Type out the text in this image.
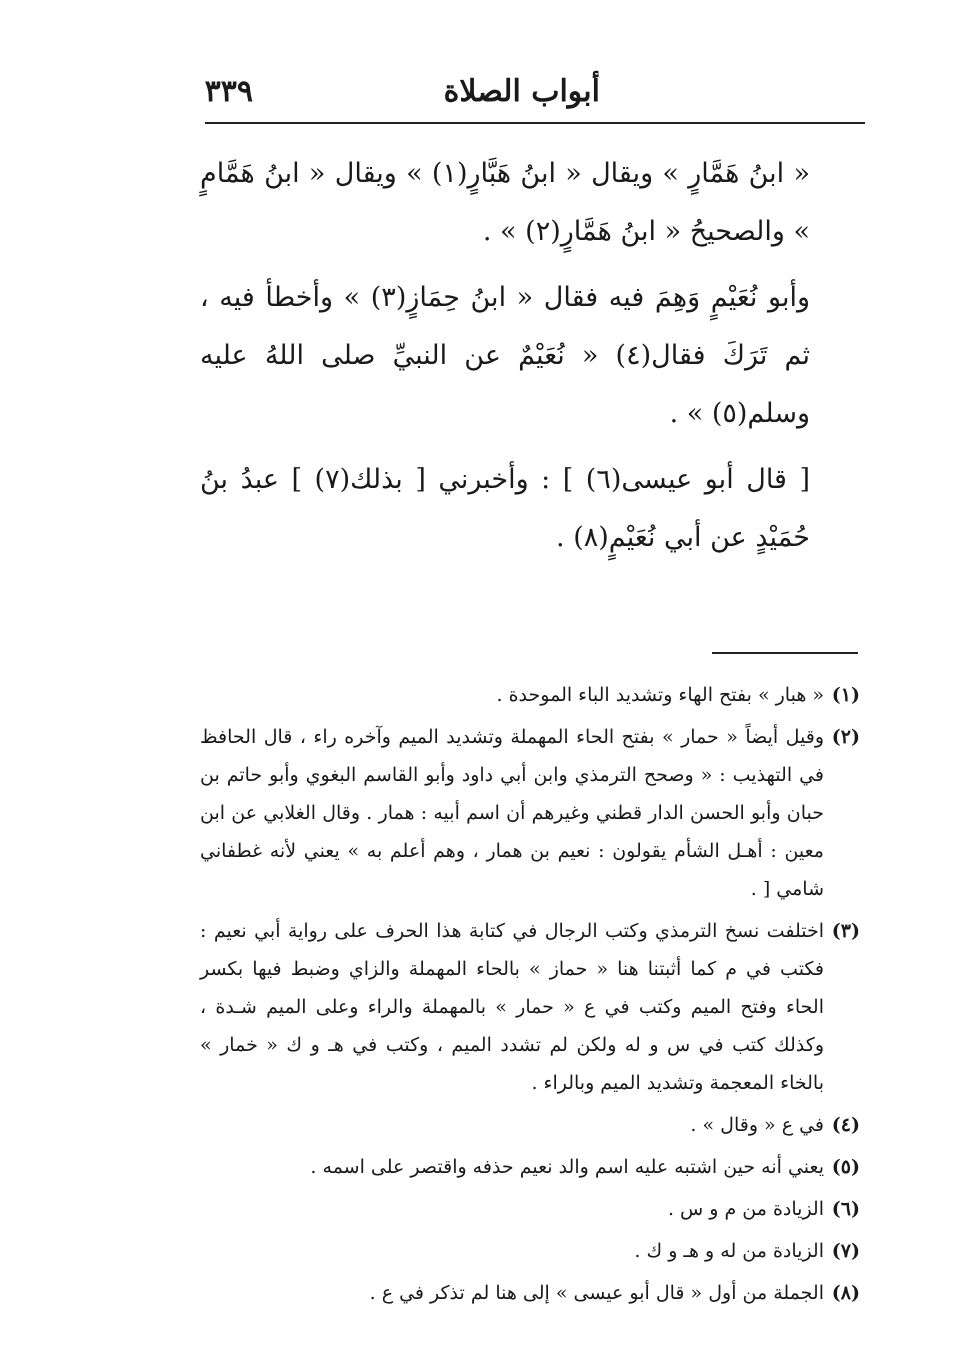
أبواب الصلاة
٣٣٩

« ابنُ هَمَّارٍ » ويقال « ابنُ هَبَّارٍ(١) » ويقال « ابنُ هَمَّامٍ » والصحيحُ « ابنُ هَمَّارٍ(٢) » .

وأبو نُعَيْمٍ وَهِمَ فيه فقال « ابنُ حِمَازٍ(٣) » وأخطأ فيه ، ثم تَرَكَ فقال(٤) « نُعَيْمٌ عن النبيِّ صلى اللهُ عليه وسلم(٥) » .

[ قال أبو عيسى(٦) ] : وأخبرني [ بذلك(٧) ] عبدُ بنُ حُمَيْدٍ عن أبي نُعَيْمٍ(٨) .

(١)
« هبار » بفتح الهاء وتشديد الباء الموحدة .
(٢)
وقيل أيضاً « حمار » بفتح الحاء المهملة وتشديد الميم وآخره راء ، قال الحافظ في التهذيب : « وصحح الترمذي وابن أبي داود وأبو القاسم البغوي وأبو حاتم بن حبان وأبو الحسن الدار قطني وغيرهم أن اسم أبيه : همار . وقال الغلابي عن ابن معين : أهـل الشأم يقولون : نعيم بن همار ، وهم أعلم به » يعني لأنه غطفاني شامي [ .
(٣)
اختلفت نسخ الترمذي وكتب الرجال في كتابة هذا الحرف على رواية أبي نعيم : فكتب في م كما أثبتنا هنا « حماز » بالحاء المهملة والزاي وضبط فيها بكسر الحاء وفتح الميم وكتب في ع « حمار » بالمهملة والراء وعلى الميم شـدة ، وكذلك كتب في س و له ولكن لم تشدد الميم ، وكتب في هـ و ك « خمار » بالخاء المعجمة وتشديد الميم وبالراء .
(٤)
في ع « وقال » .
(٥)
يعني أنه حين اشتبه عليه اسم والد نعيم حذفه واقتصر على اسمه .
(٦)
الزيادة من م و س .
(٧)
الزيادة من له و هـ و ك .
(٨)
الجملة من أول « قال أبو عيسى » إلى هنا لم تذكر في ع .
